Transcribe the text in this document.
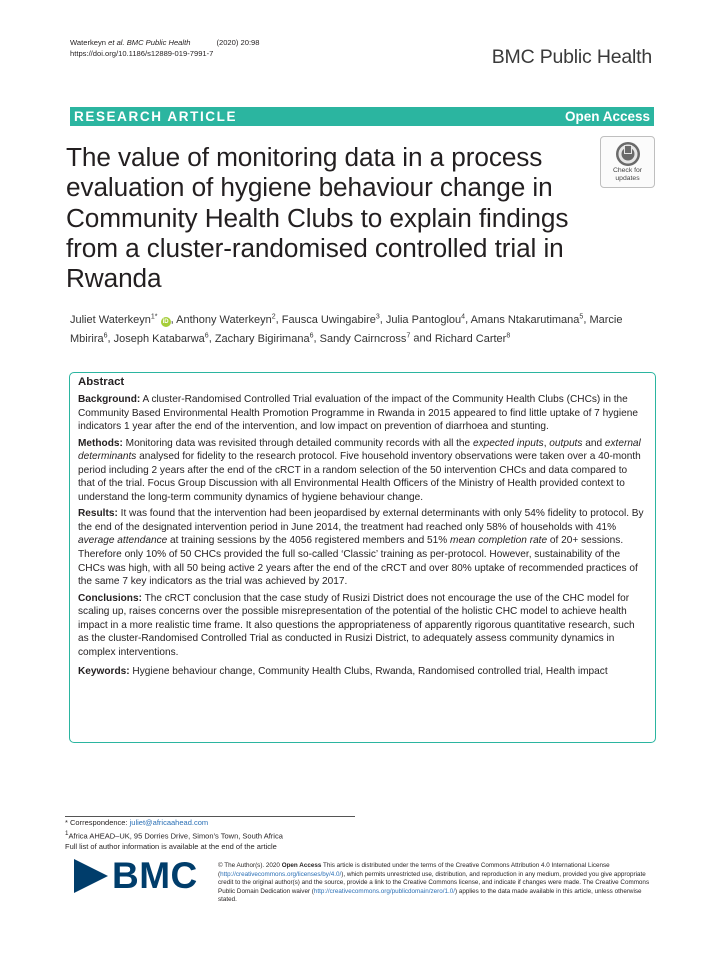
Waterkeyn et al. BMC Public Health	(2020) 20:98
https://doi.org/10.1186/s12889-019-7991-7	BMC Public Health
RESEARCH ARTICLE	Open Access
The value of monitoring data in a process evaluation of hygiene behaviour change in Community Health Clubs to explain findings from a cluster-randomised controlled trial in Rwanda
Check for
updates
Juliet Waterkeyn$^{1*}$ iD , Anthony Waterkeyn$^2$, Fausca Uwingabire$^3$, Julia Pantoglou$^4$, Amans Ntakarutimana$^5$, Marcie Mbirira$^6$, Joseph Katabarwa$^6$, Zachary Bigirimana$^6$, Sandy Cairncross$^7$ and Richard Carter$^8$
Abstract

Background: A cluster-Randomised Controlled Trial evaluation of the impact of the Community Health Clubs (CHCs) in the Community Based Environmental Health Promotion Programme in Rwanda in 2015 appeared to find little uptake of 7 hygiene indicators 1 year after the end of the intervention, and low impact on prevention of diarrhoea and stunting.

Methods: Monitoring data was revisited through detailed community records with all the expected inputs, outputs and external determinants analysed for fidelity to the research protocol. Five household inventory observations were taken over a 40-month period including 2 years after the end of the cRCT in a random selection of the 50 intervention CHCs and data compared to that of the trial. Focus Group Discussion with all Environmental Health Officers of the Ministry of Health provided context to understand the long-term community dynamics of hygiene behaviour change.

Results: It was found that the intervention had been jeopardised by external determinants with only 54% fidelity to protocol. By the end of the designated intervention period in June 2014, the treatment had reached only 58% of households with 41% average attendance at training sessions by the 4056 registered members and 51% mean completion rate of 20+ sessions. Therefore only 10% of 50 CHCs provided the full so-called ‘Classic’ training as per-protocol. However, sustainability of the CHCs was high, with all 50 being active 2 years after the end of the cRCT and over 80% uptake of recommended practices of the same 7 key indicators as the trial was achieved by 2017.

Conclusions: The cRCT conclusion that the case study of Rusizi District does not encourage the use of the CHC model for scaling up, raises concerns over the possible misrepresentation of the potential of the holistic CHC model to achieve health impact in a more realistic time frame. It also questions the appropriateness of apparently rigorous quantitative research, such as the cluster-Randomised Controlled Trial as conducted in Rusizi District, to adequately assess community dynamics in complex interventions.

Keywords: Hygiene behaviour change, Community Health Clubs, Rwanda, Randomised controlled trial, Health impact

* Correspondence: juliet@africaahead.com
$^1$Africa AHEAD–UK, 95 Dorries Drive, Simon’s Town, South Africa
Full list of author information is available at the end of the article
BMC	© The Author(s). 2020 Open Access This article is distributed under the terms of the Creative Commons Attribution 4.0 International License (http://creativecommons.org/licenses/by/4.0/), which permits unrestricted use, distribution, and reproduction in any medium, provided you give appropriate credit to the original author(s) and the source, provide a link to the Creative Commons license, and indicate if changes were made. The Creative Commons Public Domain Dedication waiver (http://creativecommons.org/publicdomain/zero/1.0/) applies to the data made available in this article, unless otherwise stated.
